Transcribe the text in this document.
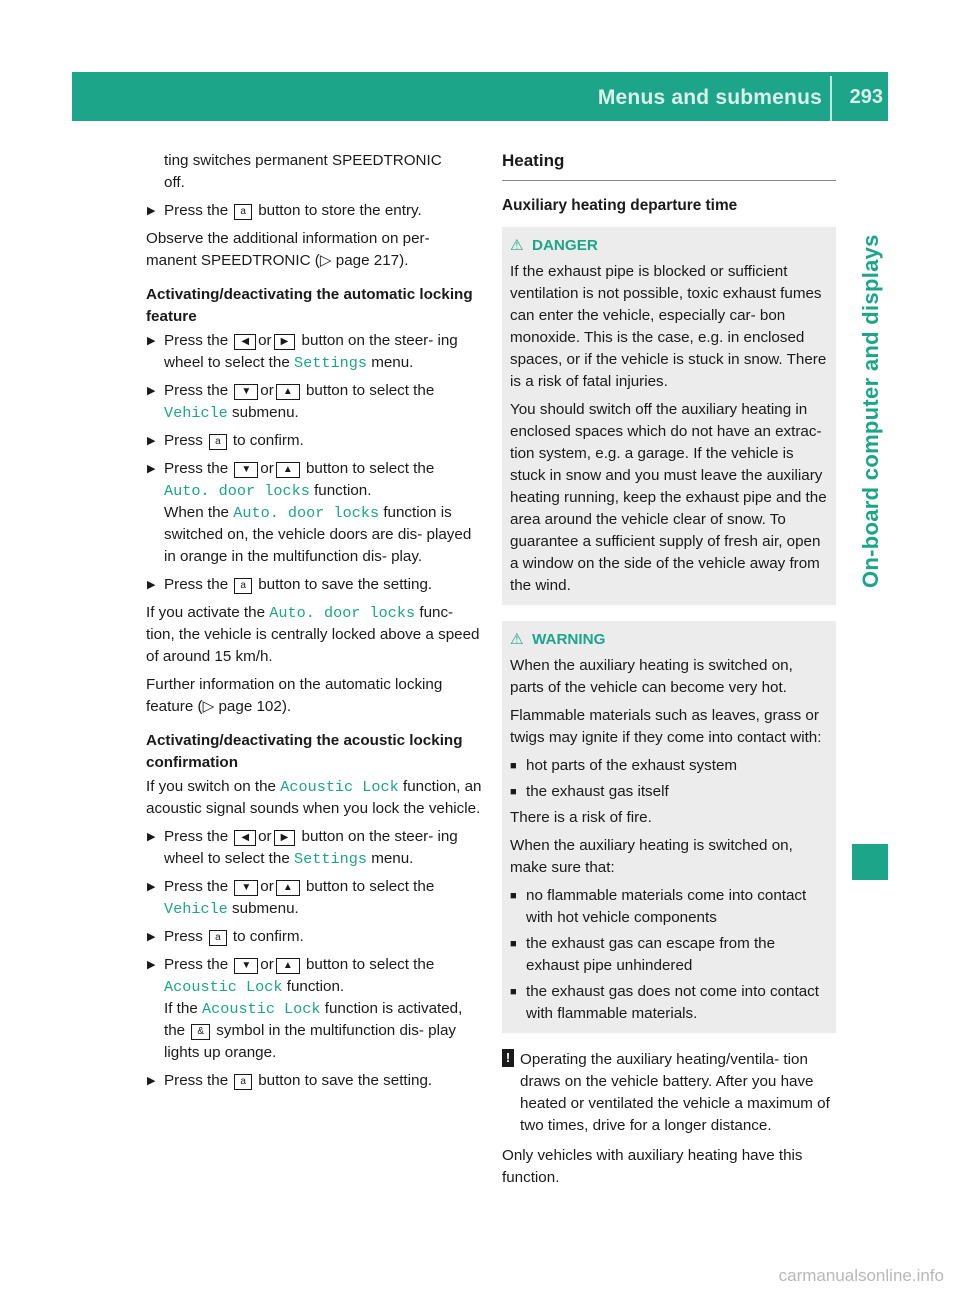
Menus and submenus 293
On-board computer and displays

ting switches permanent SPEEDTRONIC
off.

▶ Press the a button to store the entry.

Observe the additional information on per- manent SPEEDTRONIC (▷ page 217).

Activating/deactivating the automatic locking feature
▶ Press the ◀ or ▶ button on the steer- ing wheel to select the Settings menu.
▶ Press the ▼ or ▲ button to select the Vehicle submenu.
▶ Press a to confirm.
▶ Press the ▼ or ▲ button to select the Auto. door locks function.
When the Auto. door locks function is switched on, the vehicle doors are dis- played in orange in the multifunction dis- play.
▶ Press the a button to save the setting.

If you activate the Auto. door locks func- tion, the vehicle is centrally locked above a speed of around 15 km/h.

Further information on the automatic locking feature (▷ page 102).

Activating/deactivating the acoustic locking confirmation

If you switch on the Acoustic Lock function, an acoustic signal sounds when you lock the vehicle.

▶ Press the ◀ or ▶ button on the steer- ing wheel to select the Settings menu.
▶ Press the ▼ or ▲ button to select the Vehicle submenu.
▶ Press a to confirm.
▶ Press the ▼ or ▲ button to select the Acoustic Lock function.
If the Acoustic Lock function is activated, the & symbol in the multifunction dis- play lights up orange.
▶ Press the a button to save the setting.
Heating
Auxiliary heating departure time
⚠ DANGER

If the exhaust pipe is blocked or sufficient ventilation is not possible, toxic exhaust fumes can enter the vehicle, especially car- bon monoxide. This is the case, e.g. in enclosed spaces, or if the vehicle is stuck in snow. There is a risk of fatal injuries.

You should switch off the auxiliary heating in enclosed spaces which do not have an extrac- tion system, e.g. a garage. If the vehicle is stuck in snow and you must leave the auxiliary heating running, keep the exhaust pipe and the area around the vehicle clear of snow. To guarantee a sufficient supply of fresh air, open a window on the side of the vehicle away from the wind.

⚠ WARNING

When the auxiliary heating is switched on, parts of the vehicle can become very hot.

Flammable materials such as leaves, grass or twigs may ignite if they come into contact with:

■ hot parts of the exhaust system
■ the exhaust gas itself

There is a risk of fire.

When the auxiliary heating is switched on, make sure that:

■ no flammable materials come into contact with hot vehicle components
■ the exhaust gas can escape from the exhaust pipe unhindered
■ the exhaust gas does not come into contact with flammable materials.
! Operating the auxiliary heating/ventila- tion draws on the vehicle battery. After you have heated or ventilated the vehicle a maximum of two times, drive for a longer distance.

Only vehicles with auxiliary heating have this function.

carmanualsonline.info
